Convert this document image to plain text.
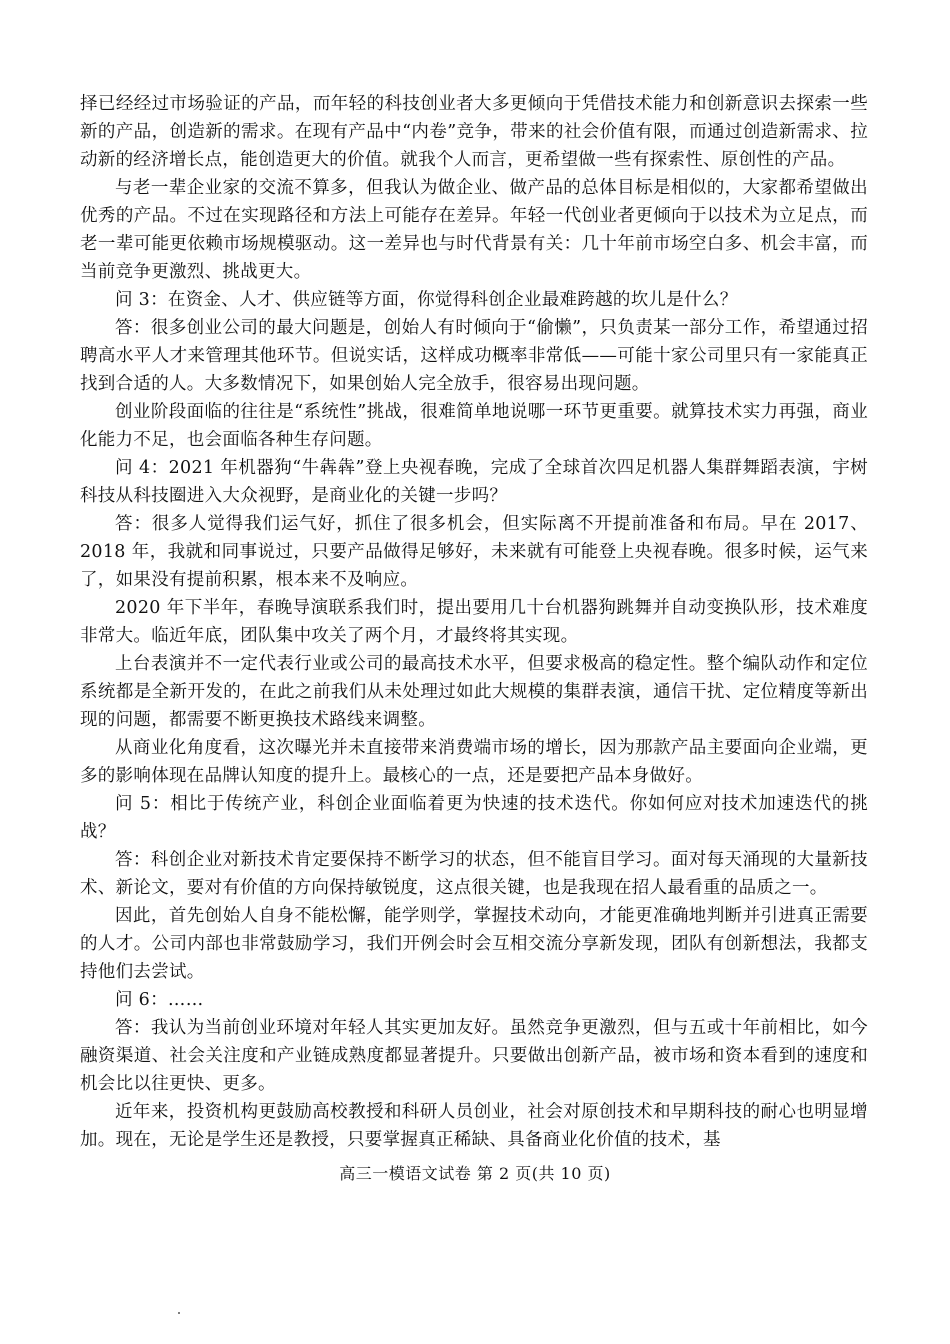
择已经经过市场验证的产品，而年轻的科技创业者大多更倾向于凭借技术能力和创新意识去探索一些新的产品，创造新的需求。在现有产品中“内卷”竞争，带来的社会价值有限，而通过创造新需求、拉动新的经济增长点，能创造更大的价值。就我个人而言，更希望做一些有探索性、原创性的产品。

与老一辈企业家的交流不算多，但我认为做企业、做产品的总体目标是相似的，大家都希望做出优秀的产品。不过在实现路径和方法上可能存在差异。年轻一代创业者更倾向于以技术为立足点，而老一辈可能更依赖市场规模驱动。这一差异也与时代背景有关：几十年前市场空白多、机会丰富，而当前竞争更激烈、挑战更大。

问 3：在资金、人才、供应链等方面，你觉得科创企业最难跨越的坎儿是什么？

答：很多创业公司的最大问题是，创始人有时倾向于“偷懒”，只负责某一部分工作，希望通过招聘高水平人才来管理其他环节。但说实话，这样成功概率非常低——可能十家公司里只有一家能真正找到合适的人。大多数情况下，如果创始人完全放手，很容易出现问题。

创业阶段面临的往往是“系统性”挑战，很难简单地说哪一环节更重要。就算技术实力再强，商业化能力不足，也会面临各种生存问题。

问 4：2021 年机器狗“牛犇犇”登上央视春晚，完成了全球首次四足机器人集群舞蹈表演，宇树科技从科技圈进入大众视野，是商业化的关键一步吗？

答：很多人觉得我们运气好，抓住了很多机会，但实际离不开提前准备和布局。早在 2017、2018 年，我就和同事说过，只要产品做得足够好，未来就有可能登上央视春晚。很多时候，运气来了，如果没有提前积累，根本来不及响应。

2020 年下半年，春晚导演联系我们时，提出要用几十台机器狗跳舞并自动变换队形，技术难度非常大。临近年底，团队集中攻关了两个月，才最终将其实现。

上台表演并不一定代表行业或公司的最高技术水平，但要求极高的稳定性。整个编队动作和定位系统都是全新开发的，在此之前我们从未处理过如此大规模的集群表演，通信干扰、定位精度等新出现的问题，都需要不断更换技术路线来调整。

从商业化角度看，这次曝光并未直接带来消费端市场的增长，因为那款产品主要面向企业端，更多的影响体现在品牌认知度的提升上。最核心的一点，还是要把产品本身做好。

问 5：相比于传统产业，科创企业面临着更为快速的技术迭代。你如何应对技术加速迭代的挑战？

答：科创企业对新技术肯定要保持不断学习的状态，但不能盲目学习。面对每天涌现的大量新技术、新论文，要对有价值的方向保持敏锐度，这点很关键，也是我现在招人最看重的品质之一。

因此，首先创始人自身不能松懈，能学则学，掌握技术动向，才能更准确地判断并引进真正需要的人才。公司内部也非常鼓励学习，我们开例会时会互相交流分享新发现，团队有创新想法，我都支持他们去尝试。

问 6：……

答：我认为当前创业环境对年轻人其实更加友好。虽然竞争更激烈，但与五或十年前相比，如今融资渠道、社会关注度和产业链成熟度都显著提升。只要做出创新产品，被市场和资本看到的速度和机会比以往更快、更多。

近年来，投资机构更鼓励高校教授和科研人员创业，社会对原创技术和早期科技的耐心也明显增加。现在，无论是学生还是教授，只要掌握真正稀缺、具备商业化价值的技术，基

高三一模语文试卷 第 2 页(共 10 页)
